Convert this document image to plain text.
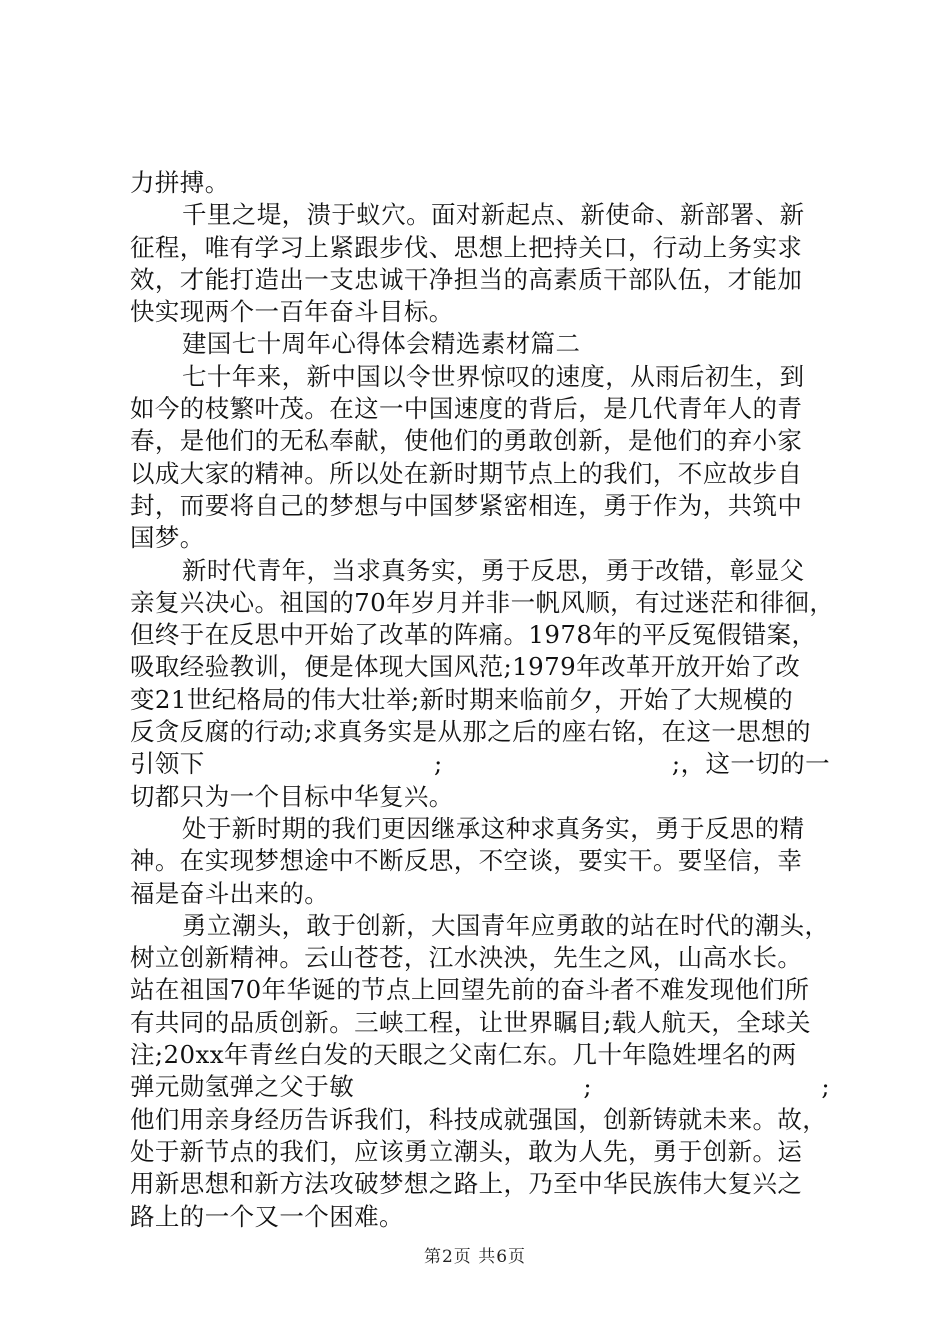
力拼搏。
千里之堤，溃于蚁穴。面对新起点、新使命、新部署、新
征程，唯有学习上紧跟步伐、思想上把持关口，行动上务实求
效，才能打造出一支忠诚干净担当的高素质干部队伍，才能加
快实现两个一百年奋斗目标。
建国七十周年心得体会精选素材篇二
七十年来，新中国以令世界惊叹的速度，从雨后初生，到
如今的枝繁叶茂。在这一中国速度的背后，是几代青年人的青
春，是他们的无私奉献，使他们的勇敢创新，是他们的弃小家
以成大家的精神。所以处在新时期节点上的我们，不应故步自
封，而要将自己的梦想与中国梦紧密相连，勇于作为，共筑中
国梦。
新时代青年，当求真务实，勇于反思，勇于改错，彰显父
亲复兴决心。祖国的70年岁月并非一帆风顺，有过迷茫和徘徊，
但终于在反思中开始了改革的阵痛。1978年的平反冤假错案，
吸取经验教训，便是体现大国风范;1979年改革开放开始了改
变21世纪格局的伟大壮举;新时期来临前夕，开始了大规模的
反贪反腐的行动;求真务实是从那之后的座右铭，在这一思想的
引领下	;	;，这一切的一
切都只为一个目标中华复兴。
处于新时期的我们更因继承这种求真务实，勇于反思的精
神。在实现梦想途中不断反思，不空谈，要实干。要坚信，幸
福是奋斗出来的。
勇立潮头，敢于创新，大国青年应勇敢的站在时代的潮头，
树立创新精神。云山苍苍，江水泱泱，先生之风，山高水长。
站在祖国70年华诞的节点上回望先前的奋斗者不难发现他们所
有共同的品质创新。三峡工程，让世界瞩目;载人航天，全球关
注;20xx年青丝白发的天眼之父南仁东。几十年隐姓埋名的两
弹元勋氢弹之父于敏	;	;
他们用亲身经历告诉我们，科技成就强国，创新铸就未来。故，
处于新节点的我们，应该勇立潮头，敢为人先，勇于创新。运
用新思想和新方法攻破梦想之路上，乃至中华民族伟大复兴之
路上的一个又一个困难。
第2页 共6页
